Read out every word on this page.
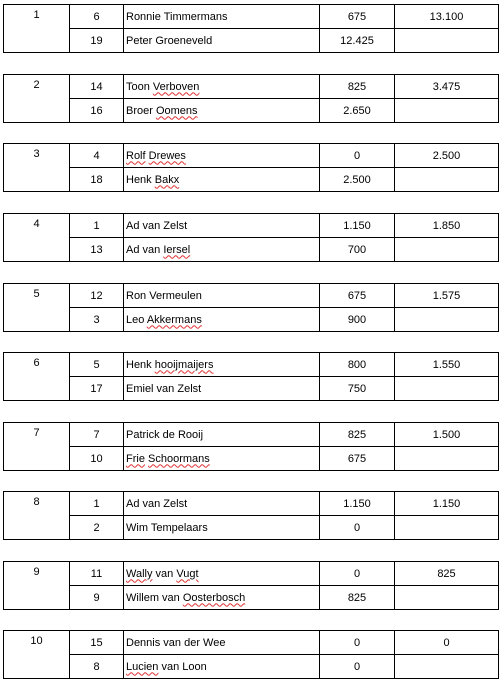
1	6	Ronnie Timmermans	675	13.100
	19	Peter Groeneveld	12.425	
2	14	Toon Verboven	825	3.475
	16	Broer Oomens	2.650	
3	4	Rolf Drewes	0	2.500
	18	Henk Bakx	2.500	
4	1	Ad van Zelst	1.150	1.850
	13	Ad van Iersel	700	
5	12	Ron Vermeulen	675	1.575
	3	Leo Akkermans	900	
6	5	Henk hooijmaijers	800	1.550
	17	Emiel van Zelst	750	
7	7	Patrick de Rooij	825	1.500
	10	Frie Schoormans	675	
8	1	Ad van Zelst	1.150	1.150
	2	Wim Tempelaars	0	
9	11	Wally van Vugt	0	825
	9	Willem van Oosterbosch	825	
10	15	Dennis van der Wee	0	0
	8	Lucien van Loon	0	
